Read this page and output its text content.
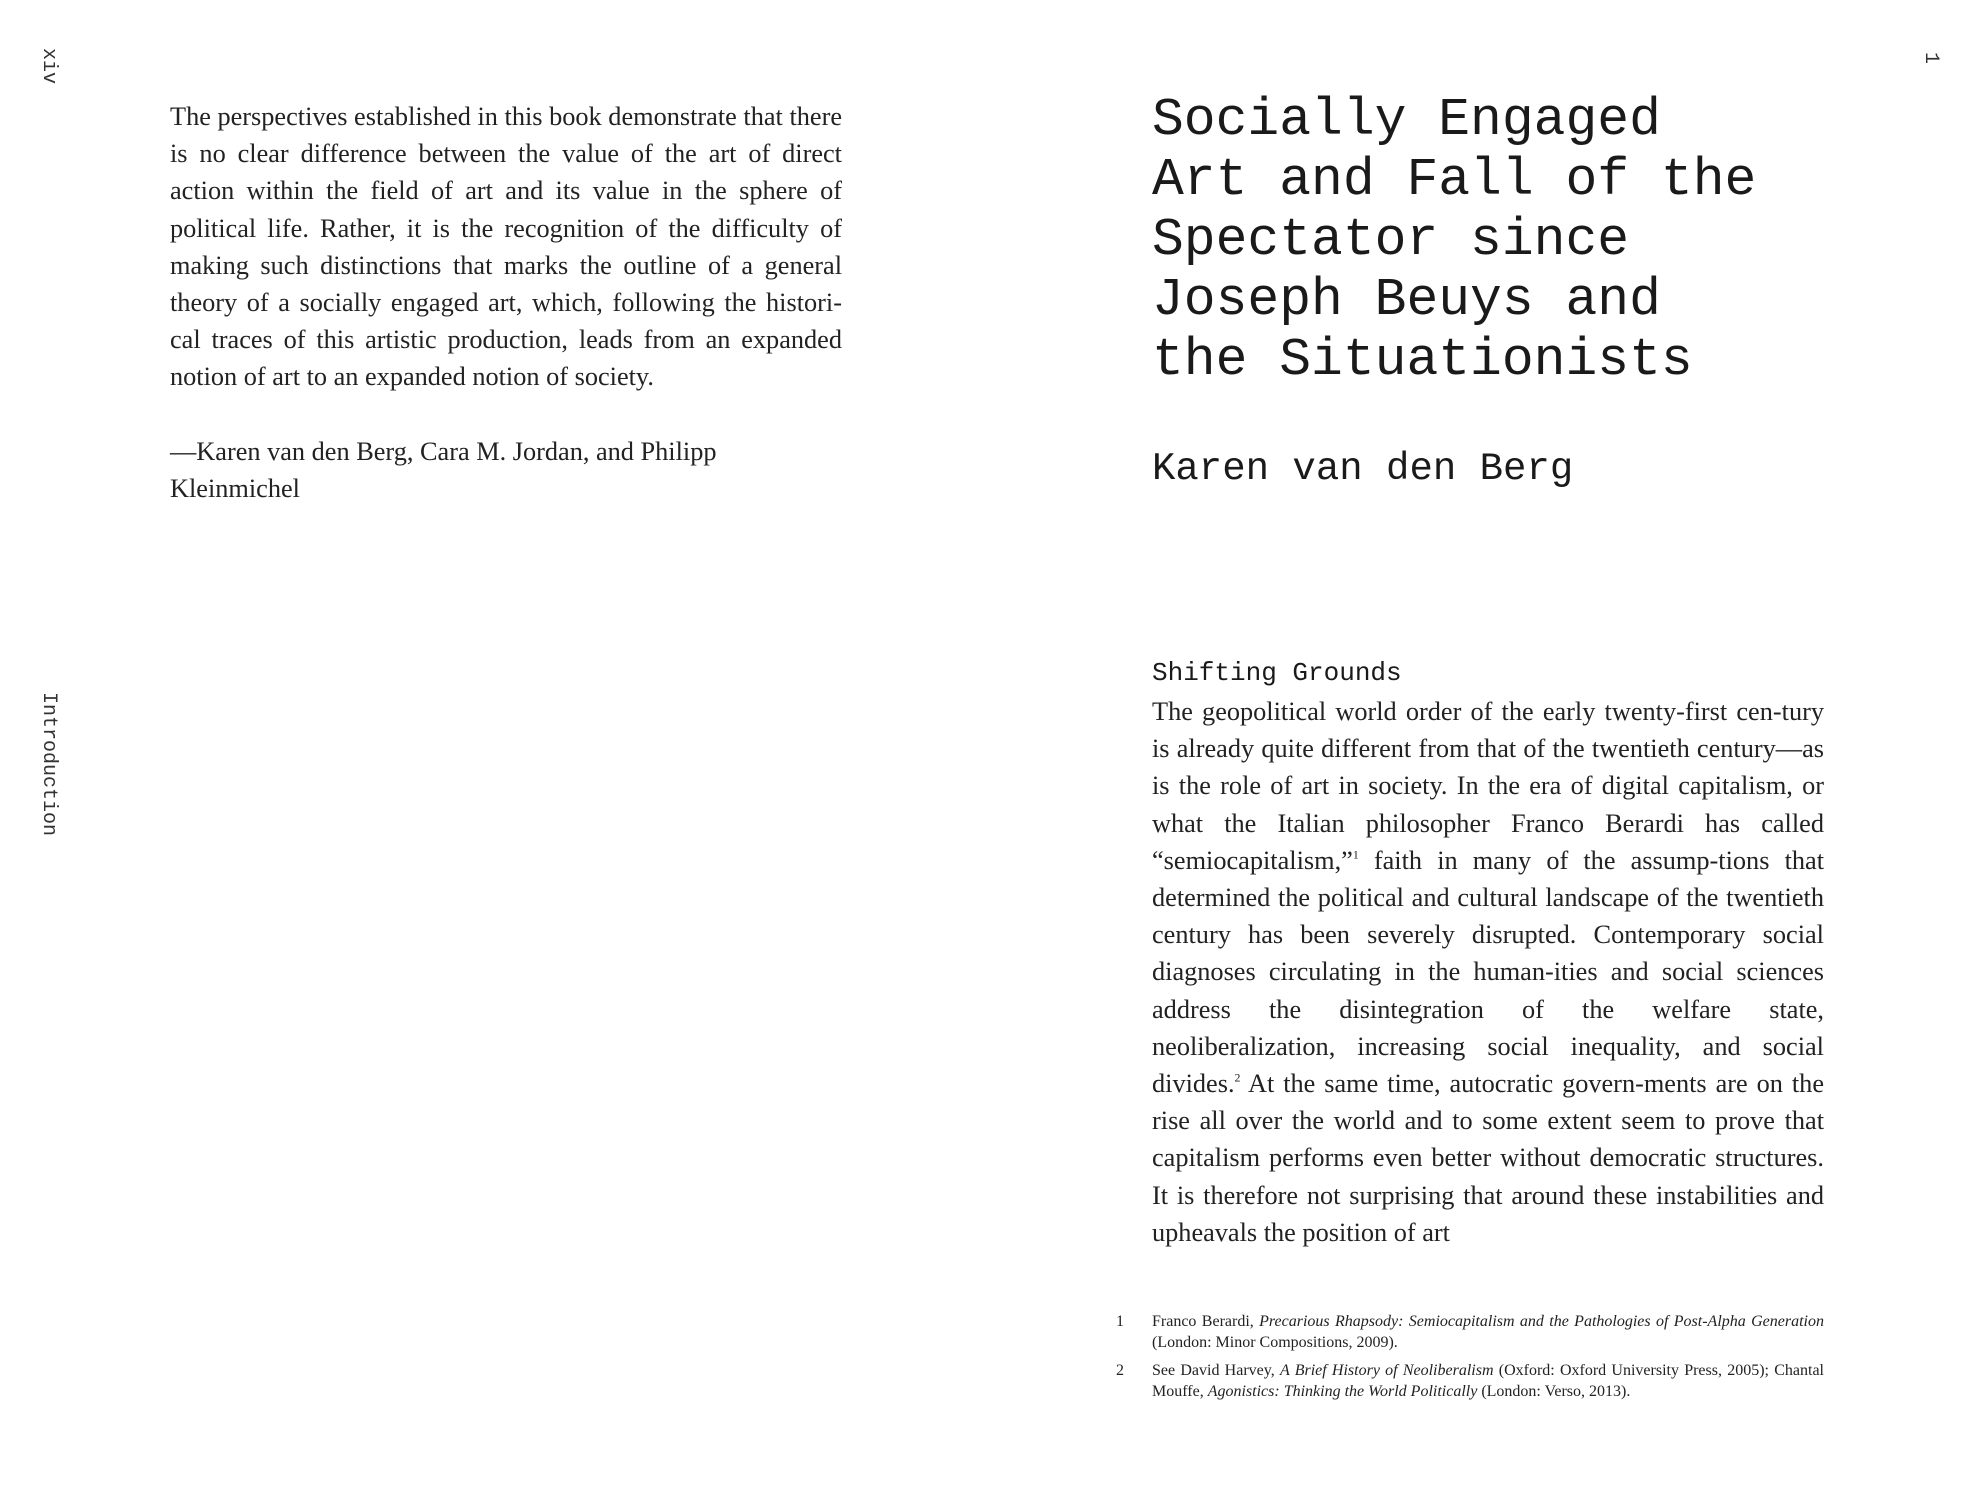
xiv
Introduction

The perspectives established in this book demonstrate that there is no clear difference between the value of the art of direct action within the field of art and its value in the sphere of political life. Rather, it is the recognition of the difficulty of making such distinctions that marks the outline of a general theory of a socially engaged art, which, following the histori-cal traces of this artistic production, leads from an expanded notion of art to an expanded notion of society.

—Karen van den Berg, Cara M. Jordan, and Philipp Kleinmichel

1
Socially Engaged
Art and Fall of the
Spectator since
Joseph Beuys and
the Situationists
Karen van den Berg
Shifting Grounds

The geopolitical world order of the early twenty-first cen-tury is already quite different from that of the twentieth century—as is the role of art in society. In the era of digital capitalism, or what the Italian philosopher Franco Berardi has called “semiocapitalism,”$^1$ faith in many of the assump-tions that determined the political and cultural landscape of the twentieth century has been severely disrupted. Contemporary social diagnoses circulating in the human-ities and social sciences address the disintegration of the welfare state, neoliberalization, increasing social inequality, and social divides.$^2$ At the same time, autocratic govern-ments are on the rise all over the world and to some extent seem to prove that capitalism performs even better without democratic structures. It is therefore not surprising that around these instabilities and upheavals the position of art

1	Franco Berardi, Precarious Rhapsody: Semiocapitalism and the Pathologies of Post-Alpha Generation (London: Minor Compositions, 2009).
2	See David Harvey, A Brief History of Neoliberalism (Oxford: Oxford University Press, 2005); Chantal Mouffe, Agonistics: Thinking the World Politically (London: Verso, 2013).
